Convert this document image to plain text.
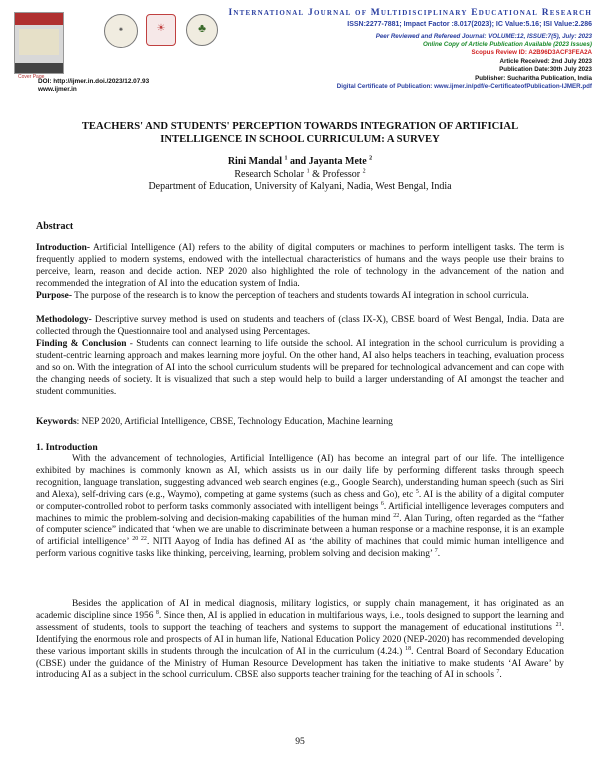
Cover Page
✺	☀	♣
International Journal of Multidisciplinary Educational Research
ISSN:2277-7881; Impact Factor :8.017(2023); IC Value:5.16; ISI Value:2.286
Peer Reviewed and Refereed Journal: VOLUME:12, ISSUE:7(5), July: 2023
Online Copy of Article Publication Available (2023 Issues)
Scopus Review ID: A2B96D3ACF3FEA2A
Article Received: 2nd July 2023
Publication Date:30th July 2023
Publisher: Sucharitha Publication, India
Digital Certificate of Publication: www.ijmer.in/pdf/e-CertificateofPublication-IJMER.pdf
DOI: http://ijmer.in.doi./2023/12.07.93
www.ijmer.in
TEACHERS' AND STUDENTS' PERCEPTION TOWARDS INTEGRATION OF ARTIFICIAL
INTELLIGENCE IN SCHOOL CURRICULUM: A SURVEY
Rini Mandal $^1$ and Jayanta Mete $^2$
Research Scholar $^1$ & Professor $^2$
Department of Education, University of Kalyani, Nadia, West Bengal, India
Abstract
Introduction- Artificial Intelligence (AI) refers to the ability of digital computers or machines to perform intelligent tasks. The term is frequently applied to modern systems, endowed with the intellectual characteristics of humans and the ways people use their brains to perceive, learn, reason and decide action. NEP 2020 also highlighted the role of technology in the advancement of the nation and recommended the integration of AI into the education system of India.
Purpose- The purpose of the research is to know the perception of teachers and students towards AI integration in school curricula.
Methodology- Descriptive survey method is used on students and teachers of (class IX-X), CBSE board of West Bengal, India. Data are collected through the Questionnaire tool and analysed using Percentages.
Finding & Conclusion - Students can connect learning to life outside the school. AI integration in the school curriculum is providing a student-centric learning approach and makes learning more joyful. On the other hand, AI also helps teachers in teaching, evaluation process and so on. With the integration of AI into the school curriculum students will be prepared for technological advancement and can cope with the changing needs of society. It is visualized that such a step would help to build a larger understanding of AI amongst the teacher and student communities.
Keywords: NEP 2020, Artificial Intelligence, CBSE, Technology Education, Machine learning
1. Introduction
With the advancement of technologies, Artificial Intelligence (AI) has become an integral part of our life. The intelligence exhibited by machines is commonly known as AI, which assists us in our daily life by performing different tasks through speech recognition, language translation, suggesting advanced web search engines (e.g., Google Search), understanding human speech (such as Siri and Alexa), self-driving cars (e.g., Waymo), competing at game systems (such as chess and Go), etc $^5$. AI is the ability of a digital computer or computer-controlled robot to perform tasks commonly associated with intelligent beings $^6$. Artificial intelligence leverages computers and machines to mimic the problem-solving and decision-making capabilities of the human mind $^{22}$. Alan Turing, often regarded as the “father of computer science” indicated that ‘when we are unable to discriminate between a human response or a machine response, it is an example of artificial intelligence’ $^{20 22}$. NITI Aayog of India has defined AI as ‘the ability of machines that could mimic human intelligence and perform various cognitive tasks like thinking, perceiving, learning, problem solving and decision making’ $^7$.
Besides the application of AI in medical diagnosis, military logistics, or supply chain management, it has originated as an academic discipline since 1956 $^8$. Since then, AI is applied in education in multifarious ways, i.e., tools designed to support the learning and assessment of students, tools to support the teaching of teachers and systems to support the management of educational institutions $^{21}$. Identifying the enormous role and prospects of AI in human life, National Education Policy 2020 (NEP-2020) has recommended developing these various important skills in students through the inculcation of AI in the curriculum (4.24.) $^{18}$. Central Board of Secondary Education (CBSE) under the guidance of the Ministry of Human Resource Development has taken the initiative to make students ‘AI Aware’ by introducing AI as a subject in the school curriculum. CBSE also supports teacher training for the teaching of AI in schools $^7$.
95
